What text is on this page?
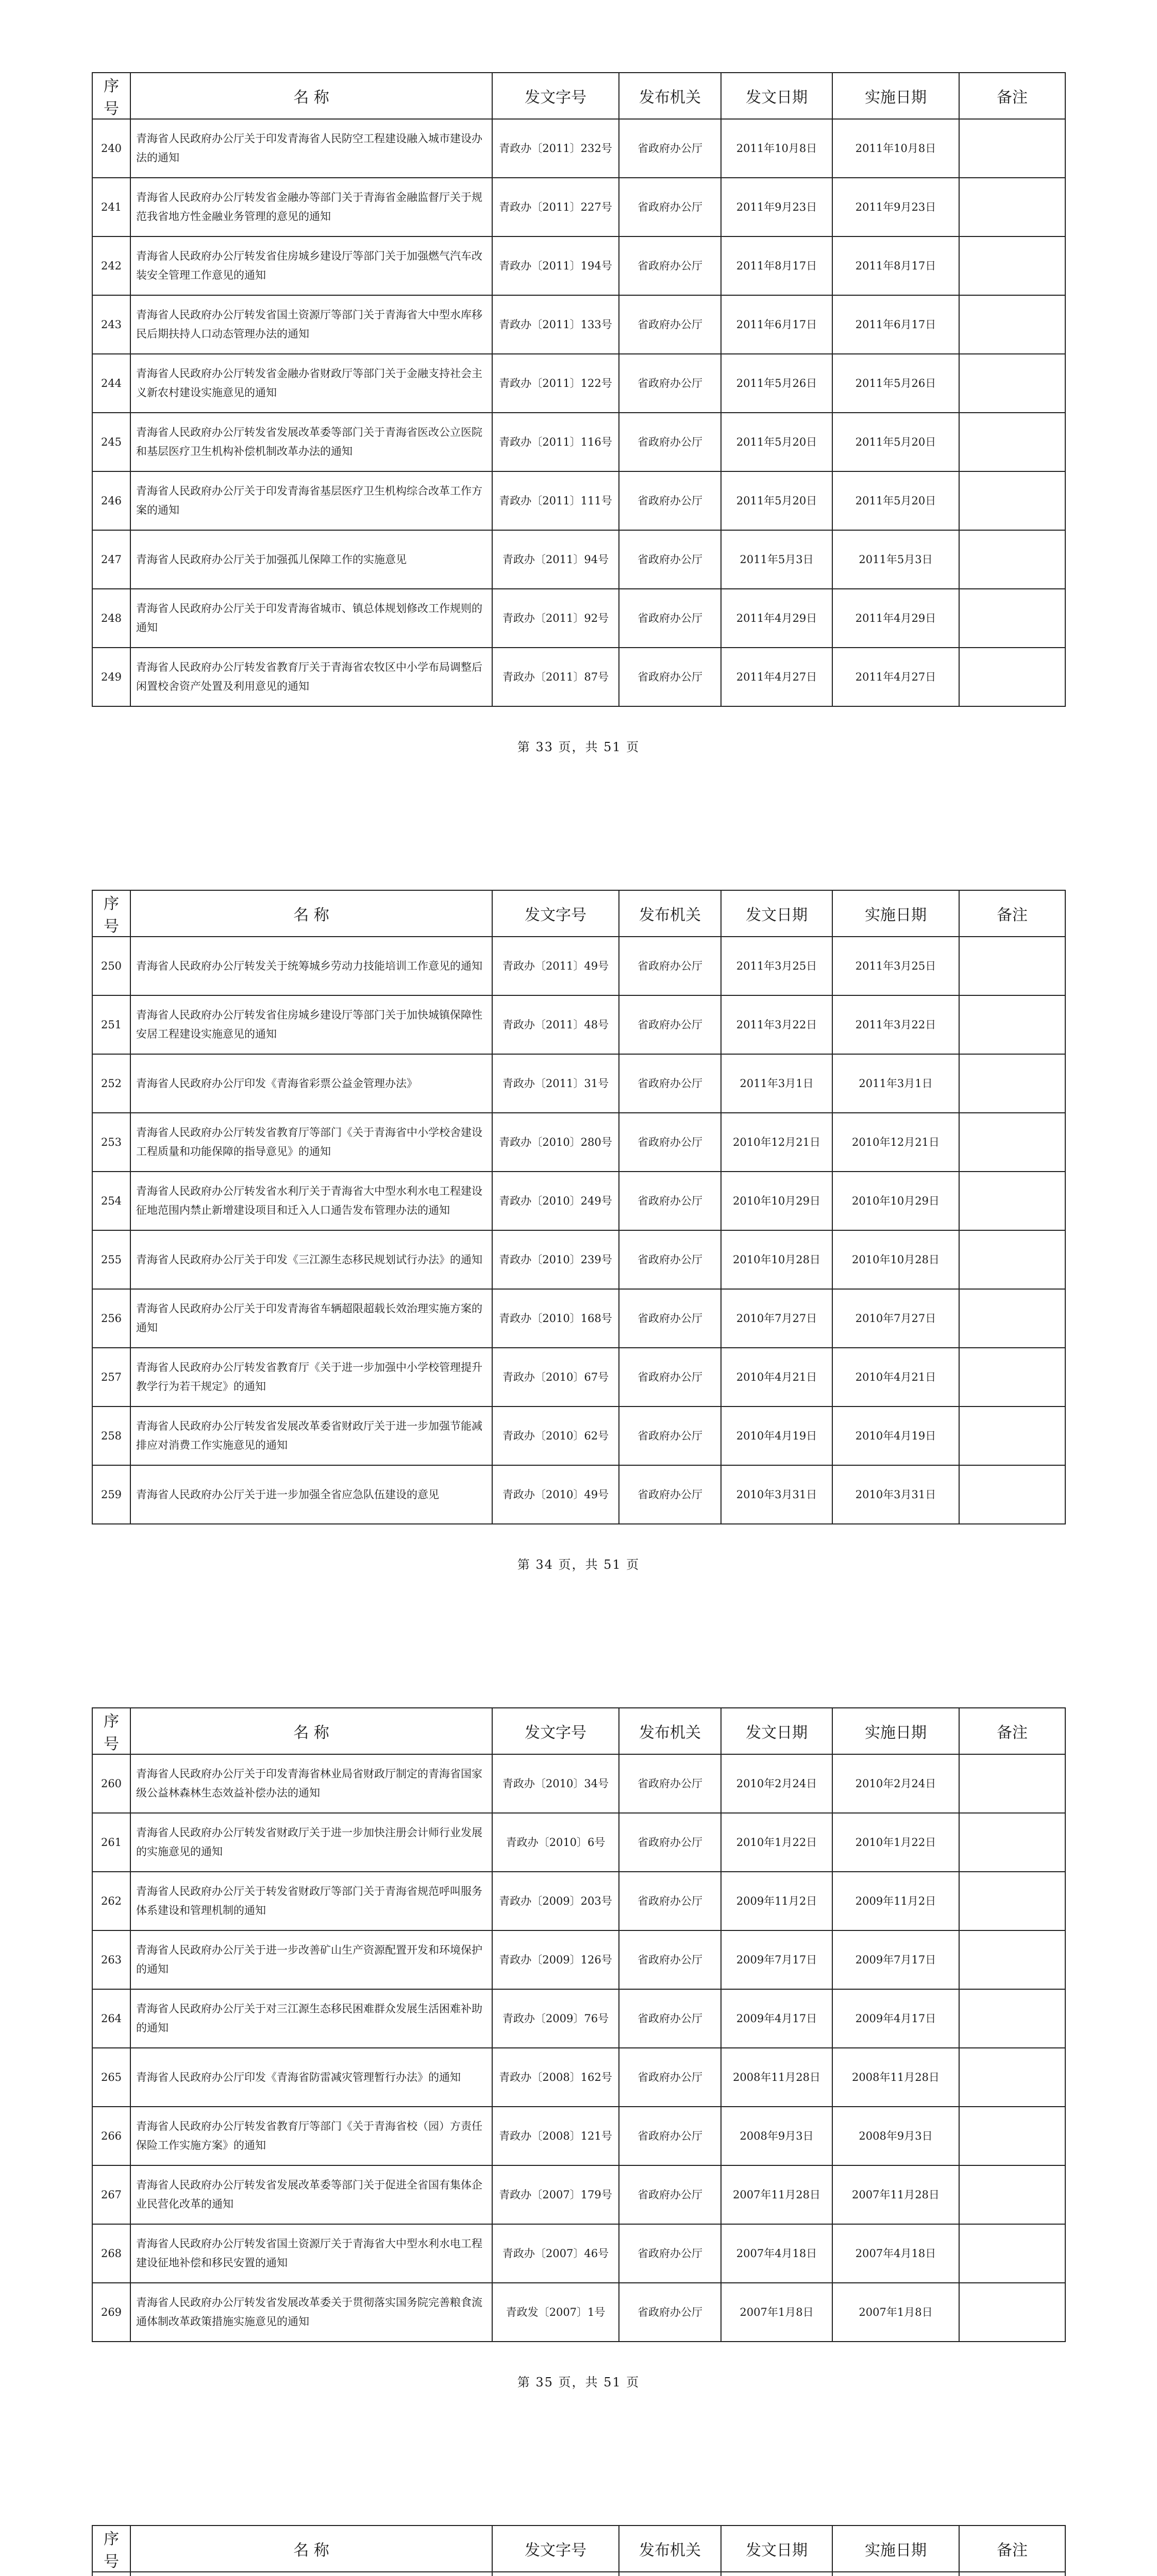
序号	名 称	发文字号	发布机关	发文日期	实施日期	备注
240	青海省人民政府办公厅关于印发青海省人民防空工程建设融入城市建设办法的通知	青政办〔2011〕232号	省政府办公厅	2011年10月8日	2011年10月8日	
241	青海省人民政府办公厅转发省金融办等部门关于青海省金融监督厅关于规范我省地方性金融业务管理的意见的通知	青政办〔2011〕227号	省政府办公厅	2011年9月23日	2011年9月23日	
242	青海省人民政府办公厅转发省住房城乡建设厅等部门关于加强燃气汽车改装安全管理工作意见的通知	青政办〔2011〕194号	省政府办公厅	2011年8月17日	2011年8月17日	
243	青海省人民政府办公厅转发省国土资源厅等部门关于青海省大中型水库移民后期扶持人口动态管理办法的通知	青政办〔2011〕133号	省政府办公厅	2011年6月17日	2011年6月17日	
244	青海省人民政府办公厅转发省金融办省财政厅等部门关于金融支持社会主义新农村建设实施意见的通知	青政办〔2011〕122号	省政府办公厅	2011年5月26日	2011年5月26日	
245	青海省人民政府办公厅转发省发展改革委等部门关于青海省医改公立医院和基层医疗卫生机构补偿机制改革办法的通知	青政办〔2011〕116号	省政府办公厅	2011年5月20日	2011年5月20日	
246	青海省人民政府办公厅关于印发青海省基层医疗卫生机构综合改革工作方案的通知	青政办〔2011〕111号	省政府办公厅	2011年5月20日	2011年5月20日	
247	青海省人民政府办公厅关于加强孤儿保障工作的实施意见	青政办〔2011〕94号	省政府办公厅	2011年5月3日	2011年5月3日	
248	青海省人民政府办公厅关于印发青海省城市、镇总体规划修改工作规则的通知	青政办〔2011〕92号	省政府办公厅	2011年4月29日	2011年4月29日	
249	青海省人民政府办公厅转发省教育厅关于青海省农牧区中小学布局调整后闲置校舍资产处置及利用意见的通知	青政办〔2011〕87号	省政府办公厅	2011年4月27日	2011年4月27日	
第 33 页，共 51 页
序号	名 称	发文字号	发布机关	发文日期	实施日期	备注
250	青海省人民政府办公厅转发关于统筹城乡劳动力技能培训工作意见的通知	青政办〔2011〕49号	省政府办公厅	2011年3月25日	2011年3月25日	
251	青海省人民政府办公厅转发省住房城乡建设厅等部门关于加快城镇保障性安居工程建设实施意见的通知	青政办〔2011〕48号	省政府办公厅	2011年3月22日	2011年3月22日	
252	青海省人民政府办公厅印发《青海省彩票公益金管理办法》	青政办〔2011〕31号	省政府办公厅	2011年3月1日	2011年3月1日	
253	青海省人民政府办公厅转发省教育厅等部门《关于青海省中小学校舍建设工程质量和功能保障的指导意见》的通知	青政办〔2010〕280号	省政府办公厅	2010年12月21日	2010年12月21日	
254	青海省人民政府办公厅转发省水利厅关于青海省大中型水利水电工程建设征地范围内禁止新增建设项目和迁入人口通告发布管理办法的通知	青政办〔2010〕249号	省政府办公厅	2010年10月29日	2010年10月29日	
255	青海省人民政府办公厅关于印发《三江源生态移民规划试行办法》的通知	青政办〔2010〕239号	省政府办公厅	2010年10月28日	2010年10月28日	
256	青海省人民政府办公厅关于印发青海省车辆超限超载长效治理实施方案的通知	青政办〔2010〕168号	省政府办公厅	2010年7月27日	2010年7月27日	
257	青海省人民政府办公厅转发省教育厅《关于进一步加强中小学校管理提升教学行为若干规定》的通知	青政办〔2010〕67号	省政府办公厅	2010年4月21日	2010年4月21日	
258	青海省人民政府办公厅转发省发展改革委省财政厅关于进一步加强节能减排应对消费工作实施意见的通知	青政办〔2010〕62号	省政府办公厅	2010年4月19日	2010年4月19日	
259	青海省人民政府办公厅关于进一步加强全省应急队伍建设的意见	青政办〔2010〕49号	省政府办公厅	2010年3月31日	2010年3月31日	
第 34 页，共 51 页
序号	名 称	发文字号	发布机关	发文日期	实施日期	备注
260	青海省人民政府办公厅关于印发青海省林业局省财政厅制定的青海省国家级公益林森林生态效益补偿办法的通知	青政办〔2010〕34号	省政府办公厅	2010年2月24日	2010年2月24日	
261	青海省人民政府办公厅转发省财政厅关于进一步加快注册会计师行业发展的实施意见的通知	青政办〔2010〕6号	省政府办公厅	2010年1月22日	2010年1月22日	
262	青海省人民政府办公厅关于转发省财政厅等部门关于青海省规范呼叫服务体系建设和管理机制的通知	青政办〔2009〕203号	省政府办公厅	2009年11月2日	2009年11月2日	
263	青海省人民政府办公厅关于进一步改善矿山生产资源配置开发和环境保护的通知	青政办〔2009〕126号	省政府办公厅	2009年7月17日	2009年7月17日	
264	青海省人民政府办公厅关于对三江源生态移民困难群众发展生活困难补助的通知	青政办〔2009〕76号	省政府办公厅	2009年4月17日	2009年4月17日	
265	青海省人民政府办公厅印发《青海省防雷减灾管理暂行办法》的通知	青政办〔2008〕162号	省政府办公厅	2008年11月28日	2008年11月28日	
266	青海省人民政府办公厅转发省教育厅等部门《关于青海省校（园）方责任保险工作实施方案》的通知	青政办〔2008〕121号	省政府办公厅	2008年9月3日	2008年9月3日	
267	青海省人民政府办公厅转发省发展改革委等部门关于促进全省国有集体企业民营化改革的通知	青政办〔2007〕179号	省政府办公厅	2007年11月28日	2007年11月28日	
268	青海省人民政府办公厅转发省国土资源厅关于青海省大中型水利水电工程建设征地补偿和移民安置的通知	青政办〔2007〕46号	省政府办公厅	2007年4月18日	2007年4月18日	
269	青海省人民政府办公厅转发省发展改革委关于贯彻落实国务院完善粮食流通体制改革政策措施实施意见的通知	青政发〔2007〕1号	省政府办公厅	2007年1月8日	2007年1月8日	
第 35 页，共 51 页
序号	名 称	发文字号	发布机关	发文日期	实施日期	备注
